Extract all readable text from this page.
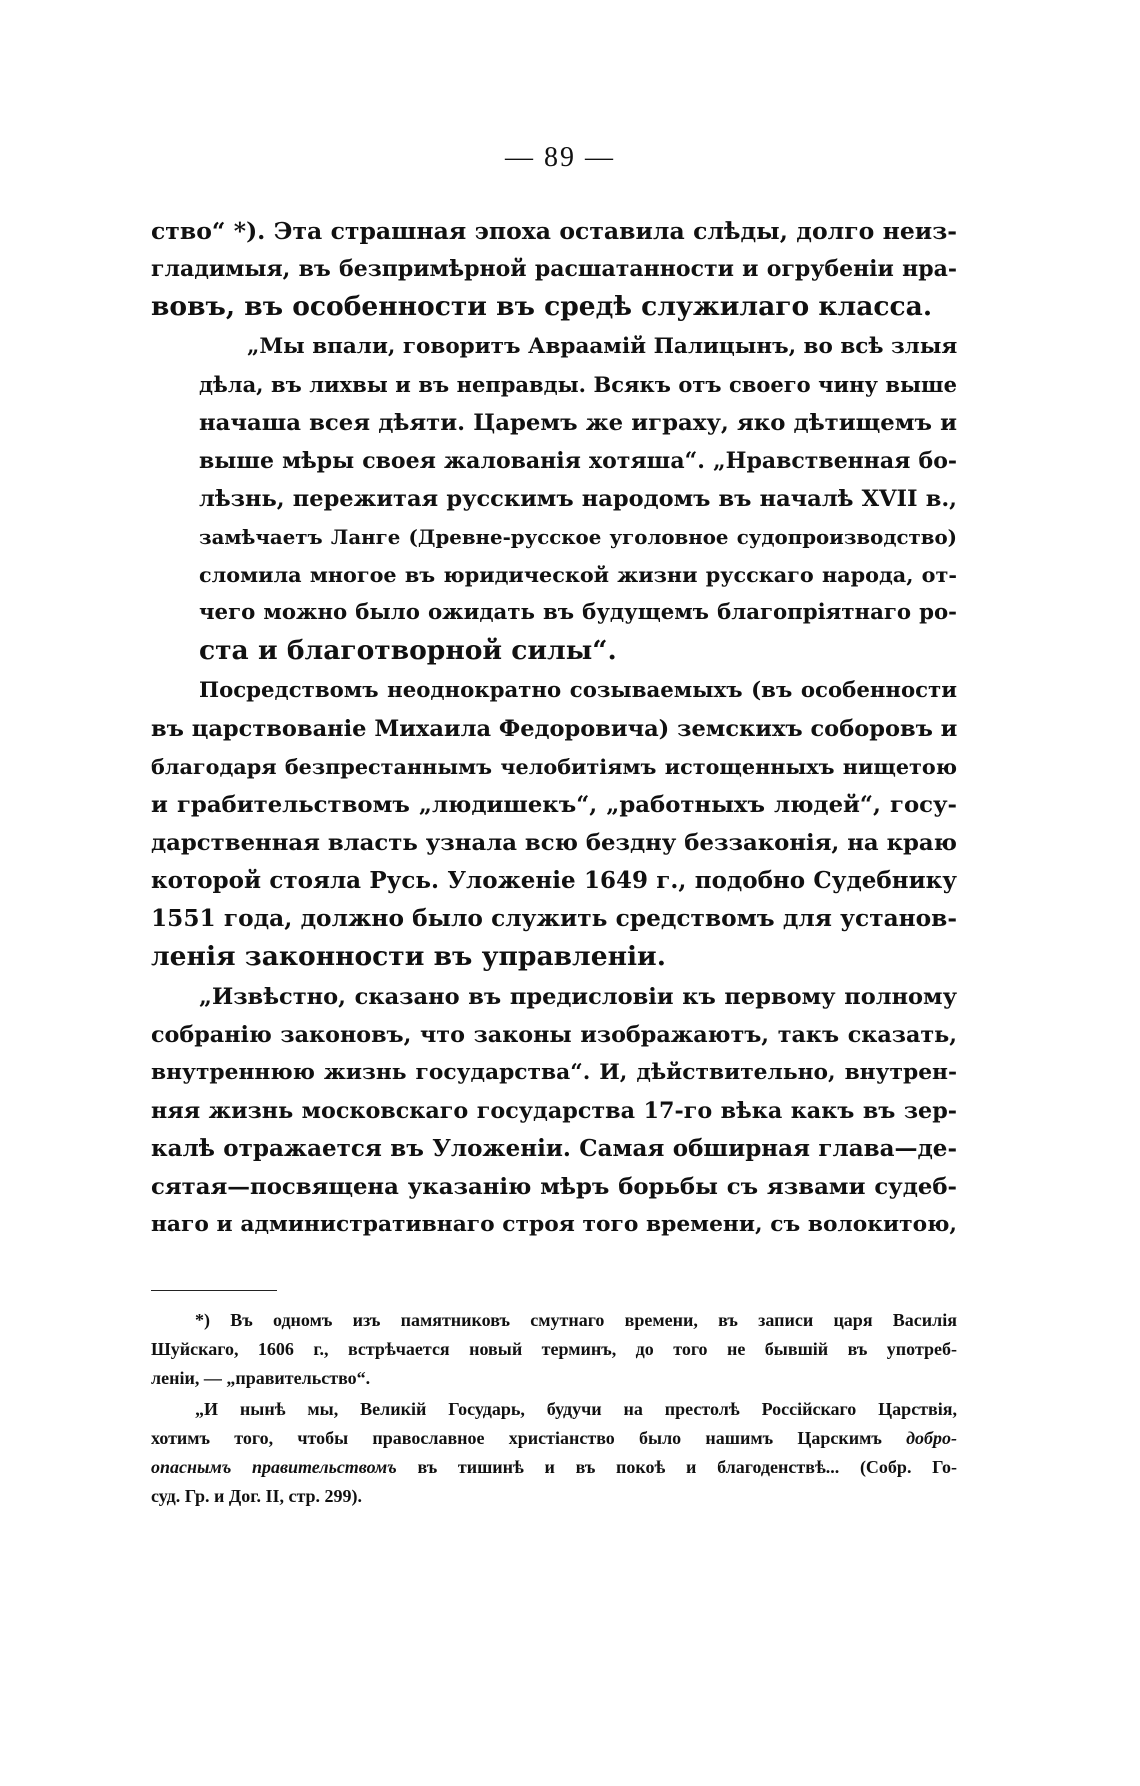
— 89 —

ство“ *). Эта страшная эпоха оставила слѣды, долго неиз-
гладимыя, въ безпримѣрной расшатанности и огрубенiи нра-
вовъ, въ особенности въ средѣ служилаго класса.

„Мы впали, говоритъ Авраамiй Палицынъ, во всѣ злыя
дѣла, въ лихвы и въ неправды. Всякъ отъ своего чину выше
начаша всея дѣяти. Царемъ же играху, яко дѣтищемъ и
выше мѣры своея жалованiя хотяша“. „Нравственная бо-
лѣзнь, пережитая русскимъ народомъ въ началѣ XVII в.,
замѣчаетъ Ланге (Древне-русское уголовное судопроизводство)
сломила многое въ юридической жизни русскаго народа, от-
чего можно было ожидать въ будущемъ благопрiятнаго ро-
ста и благотворной силы“.

Посредствомъ неоднократно созываемыхъ (въ особенности
въ царствованiе Михаила Федоровича) земскихъ соборовъ и
благодаря безпрестаннымъ челобитiямъ истощенныхъ нищетою
и грабительствомъ „людишекъ“, „работныхъ людей“, госу-
дарственная власть узнала всю бездну беззаконiя, на краю
которой стояла Русь. Уложенiе 1649 г., подобно Судебнику
1551 года, должно было служить средствомъ для установ-
ленiя законности въ управленiи.

„Извѣстно, сказано въ предисловiи къ первому полному
собранiю законовъ, что законы изображаютъ, такъ сказать,
внутреннюю жизнь государства“. И, дѣйствительно, внутрен-
няя жизнь московскаго государства 17-го вѣка какъ въ зер-
калѣ отражается въ Уложенiи. Самая обширная глава—де-
сятая—посвящена указанiю мѣръ борьбы съ язвами судеб-
наго и административнаго строя того времени, съ волокитою,

*) Въ одномъ изъ памятниковъ смутнаго времени, въ записи царя Василiя
Шуйскаго, 1606 г., встрѣчается новый терминъ, до того не бывшiй въ употреб-
ленiи, — „правительство“.

„И нынѣ мы, Великiй Государь, будучи на престолѣ Россiйскаго Царствiя,
хотимъ того, чтобы православное христiанство было нашимъ Царскимъ добро-
опаснымъ правительствомъ въ тишинѣ и въ покоѣ и благоденствѣ... (Собр. Го-
суд. Гр. и Дог. II, стр. 299).
